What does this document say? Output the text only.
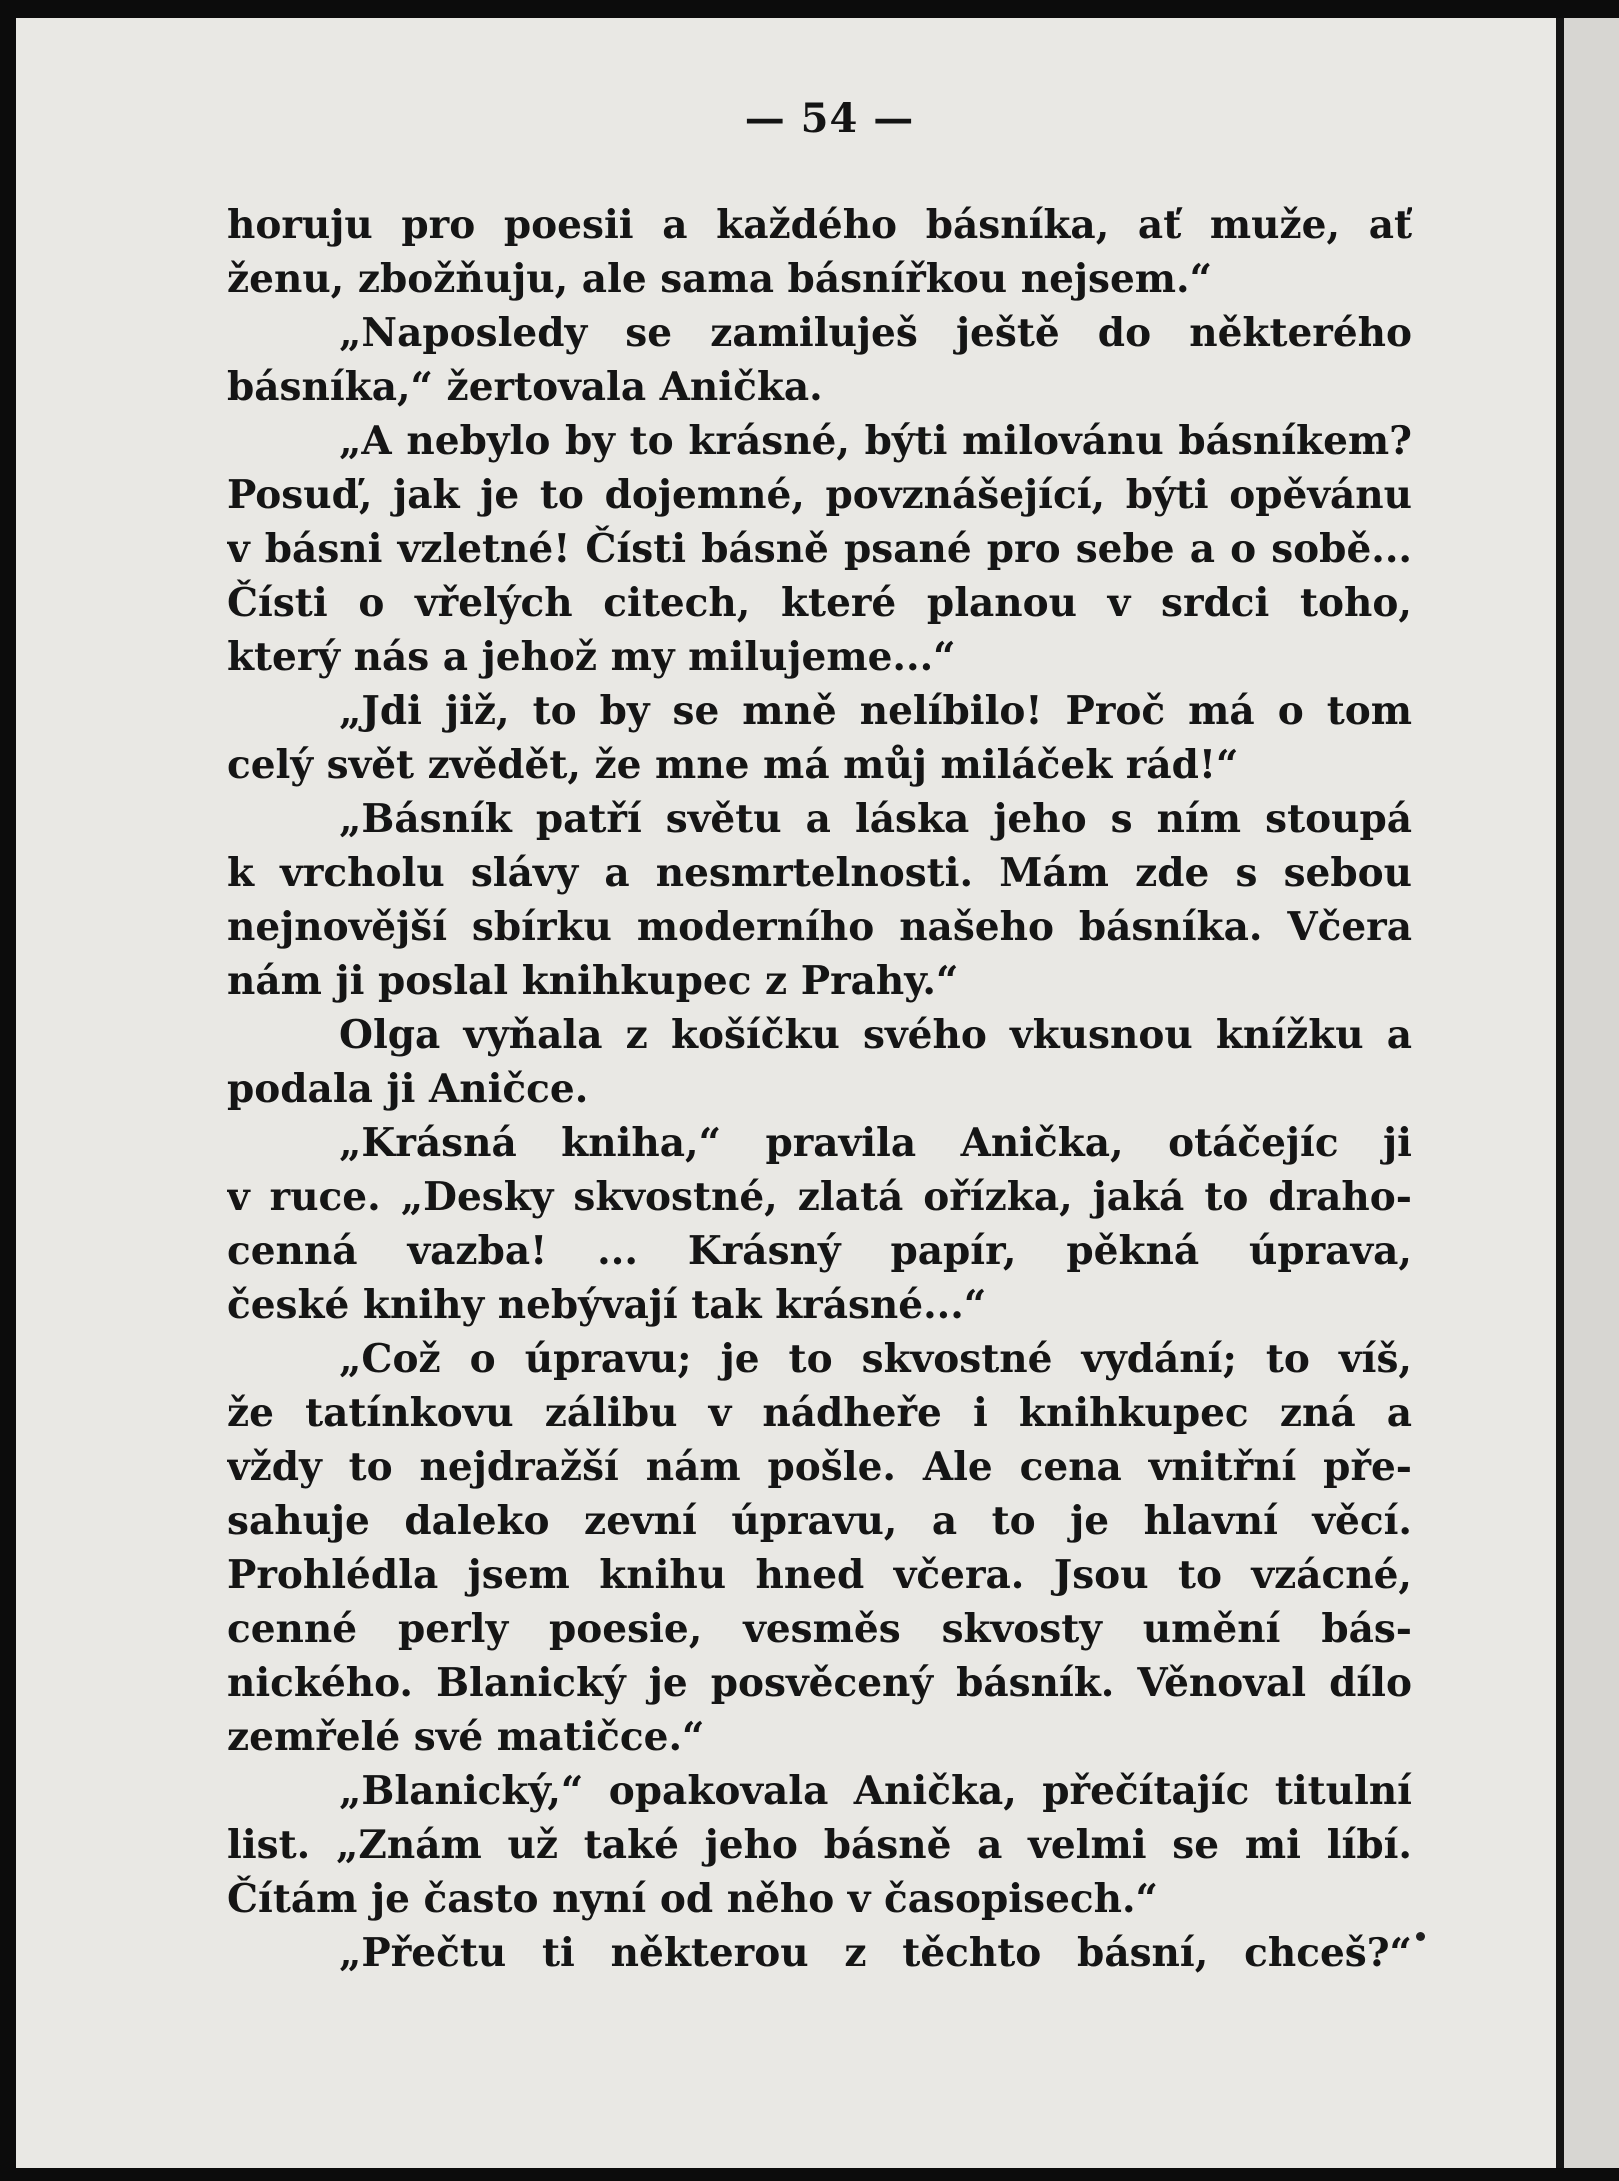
— 54 —
horuju pro poesii a každého básníka, ať muže, ať
ženu, zbožňuju, ale sama básnířkou nejsem.“
„Naposledy se zamiluješ ještě do některého
básníka,“ žertovala Anička.
„A nebylo by to krásné, býti milovánu básníkem?
Posuď, jak je to dojemné, povznášející, býti opěvánu
v básni vzletné! Čísti básně psané pro sebe a o sobě...
Čísti o vřelých citech, které planou v srdci toho,
který nás a jehož my milujeme...“
„Jdi již, to by se mně nelíbilo! Proč má o tom
celý svět zvědět, že mne má můj miláček rád!“
„Básník patří světu a láska jeho s ním stoupá
k vrcholu slávy a nesmrtelnosti. Mám zde s sebou
nejnovější sbírku moderního našeho básníka. Včera
nám ji poslal knihkupec z Prahy.“
Olga vyňala z košíčku svého vkusnou knížku a
podala ji Aničce.
„Krásná kniha,“ pravila Anička, otáčejíc ji
v ruce. „Desky skvostné, zlatá ořízka, jaká to draho-
cenná vazba! ... Krásný papír, pěkná úprava,
české knihy nebývají tak krásné...“
„Což o úpravu; je to skvostné vydání; to víš,
že tatínkovu zálibu v nádheře i knihkupec zná a
vždy to nejdražší nám pošle. Ale cena vnitřní pře-
sahuje daleko zevní úpravu, a to je hlavní věcí.
Prohlédla jsem knihu hned včera. Jsou to vzácné,
cenné perly poesie, vesměs skvosty umění bás-
nického. Blanický je posvěcený básník. Věnoval dílo
zemřelé své matičce.“
„Blanický,“ opakovala Anička, přečítajíc titulní
list. „Znám už také jeho básně a velmi se mi líbí.
Čítám je často nyní od něho v časopisech.“
„Přečtu ti některou z těchto básní, chceš?“
